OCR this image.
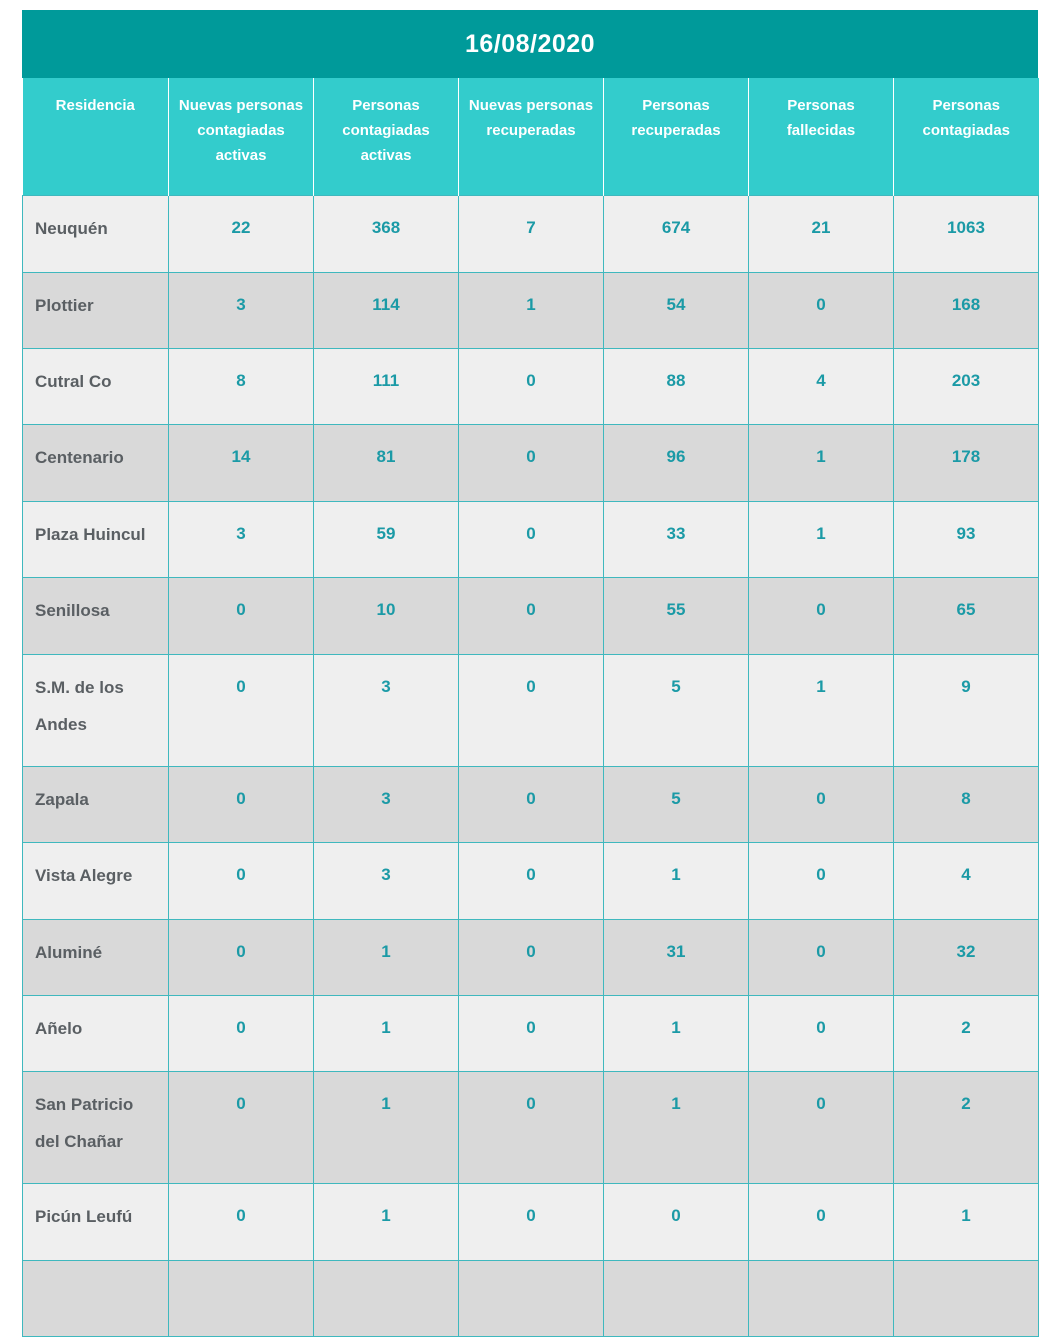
16/08/2020
Residencia	Nuevas personas contagiadas activas	Personas contagiadas activas	Nuevas personas recuperadas	Personas recuperadas	Personas fallecidas	Personas contagiadas
Neuquén	22	368	7	674	21	1063
Plottier	3	114	1	54	0	168
Cutral Co	8	111	0	88	4	203
Centenario	14	81	0	96	1	178
Plaza Huincul	3	59	0	33	1	93
Senillosa	0	10	0	55	0	65
S.M. de los Andes	0	3	0	5	1	9
Zapala	0	3	0	5	0	8
Vista Alegre	0	3	0	1	0	4
Aluminé	0	1	0	31	0	32
Añelo	0	1	0	1	0	2
San Patricio del Chañar	0	1	0	1	0	2
Picún Leufú	0	1	0	0	0	1
